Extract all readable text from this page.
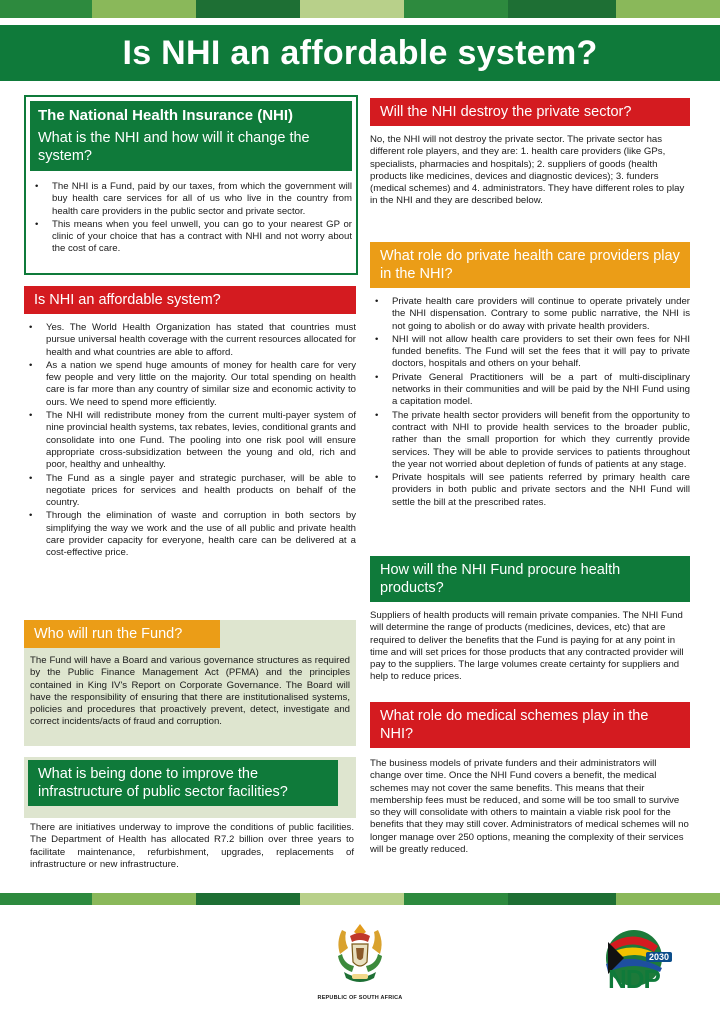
Is NHI an affordable system?
The National Health Insurance (NHI)
What is the NHI and how will it change the system?
• The NHI is a Fund, paid by our taxes, from which the government will buy health care services for all of us who live in the country from health care providers in the public sector and private sector.
• This means when you feel unwell, you can go to your nearest GP or clinic of your choice that has a contract with NHI and not worry about the cost of care.
Is NHI an affordable system?
• Yes. The World Health Organization has stated that countries must pursue universal health coverage with the current resources allocated for health and what countries are able to afford.
• As a nation we spend huge amounts of money for health care for very few people and very little on the majority. Our total spending on health care is far more than any country of similar size and economic activity to ours. We need to spend more efficiently.
• The NHI will redistribute money from the current multi-payer system of nine provincial health systems, tax rebates, levies, conditional grants and consolidate into one Fund. The pooling into one risk pool will ensure appropriate cross-subsidization between the young and old, rich and poor, healthy and unhealthy.
• The Fund as a single payer and strategic purchaser, will be able to negotiate prices for services and health products on behalf of the country.
• Through the elimination of waste and corruption in both sectors by simplifying the way we work and the use of all public and private health care provider capacity for everyone, health care can be delivered at a cost-effective price.
Who will run the Fund?
The Fund will have a Board and various governance structures as required by the Public Finance Management Act (PFMA) and the principles contained in King IV's Report on Corporate Governance. The Board will have the responsibility of ensuring that there are institutionalised systems, policies and procedures that proactively prevent, detect, investigate and correct incidents/acts of fraud and corruption.
What is being done to improve the infrastructure of public sector facilities?
There are initiatives underway to improve the conditions of public facilities. The Department of Health has allocated R7.2 billion over three years to facilitate maintenance, refurbishment, upgrades, replacements of infrastructure or new infrastructure.
Will the NHI destroy the private sector?
No, the NHI will not destroy the private sector. The private sector has different role players, and they are: 1. health care providers (like GPs, specialists, pharmacies and hospitals); 2. suppliers of goods (health products like medicines, devices and diagnostic devices); 3. funders (medical schemes) and 4. administrators. They have different roles to play in the NHI and they are described below.
What role do private health care providers play in the NHI?
• Private health care providers will continue to operate privately under the NHI dispensation. Contrary to some public narrative, the NHI is not going to abolish or do away with private health providers.
• NHI will not allow health care providers to set their own fees for NHI funded benefits. The Fund will set the fees that it will pay to private doctors, hospitals and others on your behalf.
• Private General Practitioners will be a part of multi-disciplinary networks in their communities and will be paid by the NHI Fund using a capitation model.
• The private health sector providers will benefit from the opportunity to contract with NHI to provide health services to the broader public, rather than the small proportion for which they currently provide services. They will be able to provide services to patients throughout the year not worried about depletion of funds of patients at any stage.
• Private hospitals will see patients referred by primary health care providers in both public and private sectors and the NHI Fund will settle the bill at the prescribed rates.
How will the NHI Fund procure health products?
Suppliers of health products will remain private companies. The NHI Fund will determine the range of products (medicines, devices, etc) that are required to deliver the benefits that the Fund is paying for at any point in time and will set prices for those products that any contracted provider will pay to the suppliers. The large volumes create certainty for suppliers and help to reduce prices.
What role do medical schemes play in the NHI?
The business models of private funders and their administrators will change over time. Once the NHI Fund covers a benefit, the medical schemes may not cover the same benefits. This means that their membership fees must be reduced, and some will be too small to survive so they will consolidate with others to maintain a viable risk pool for the benefits that they may still cover. Administrators of medical schemes will no longer manage over 250 options, meaning the complexity of their services will be greatly reduced.
REPUBLIC OF SOUTH AFRICA
2030
NDP
